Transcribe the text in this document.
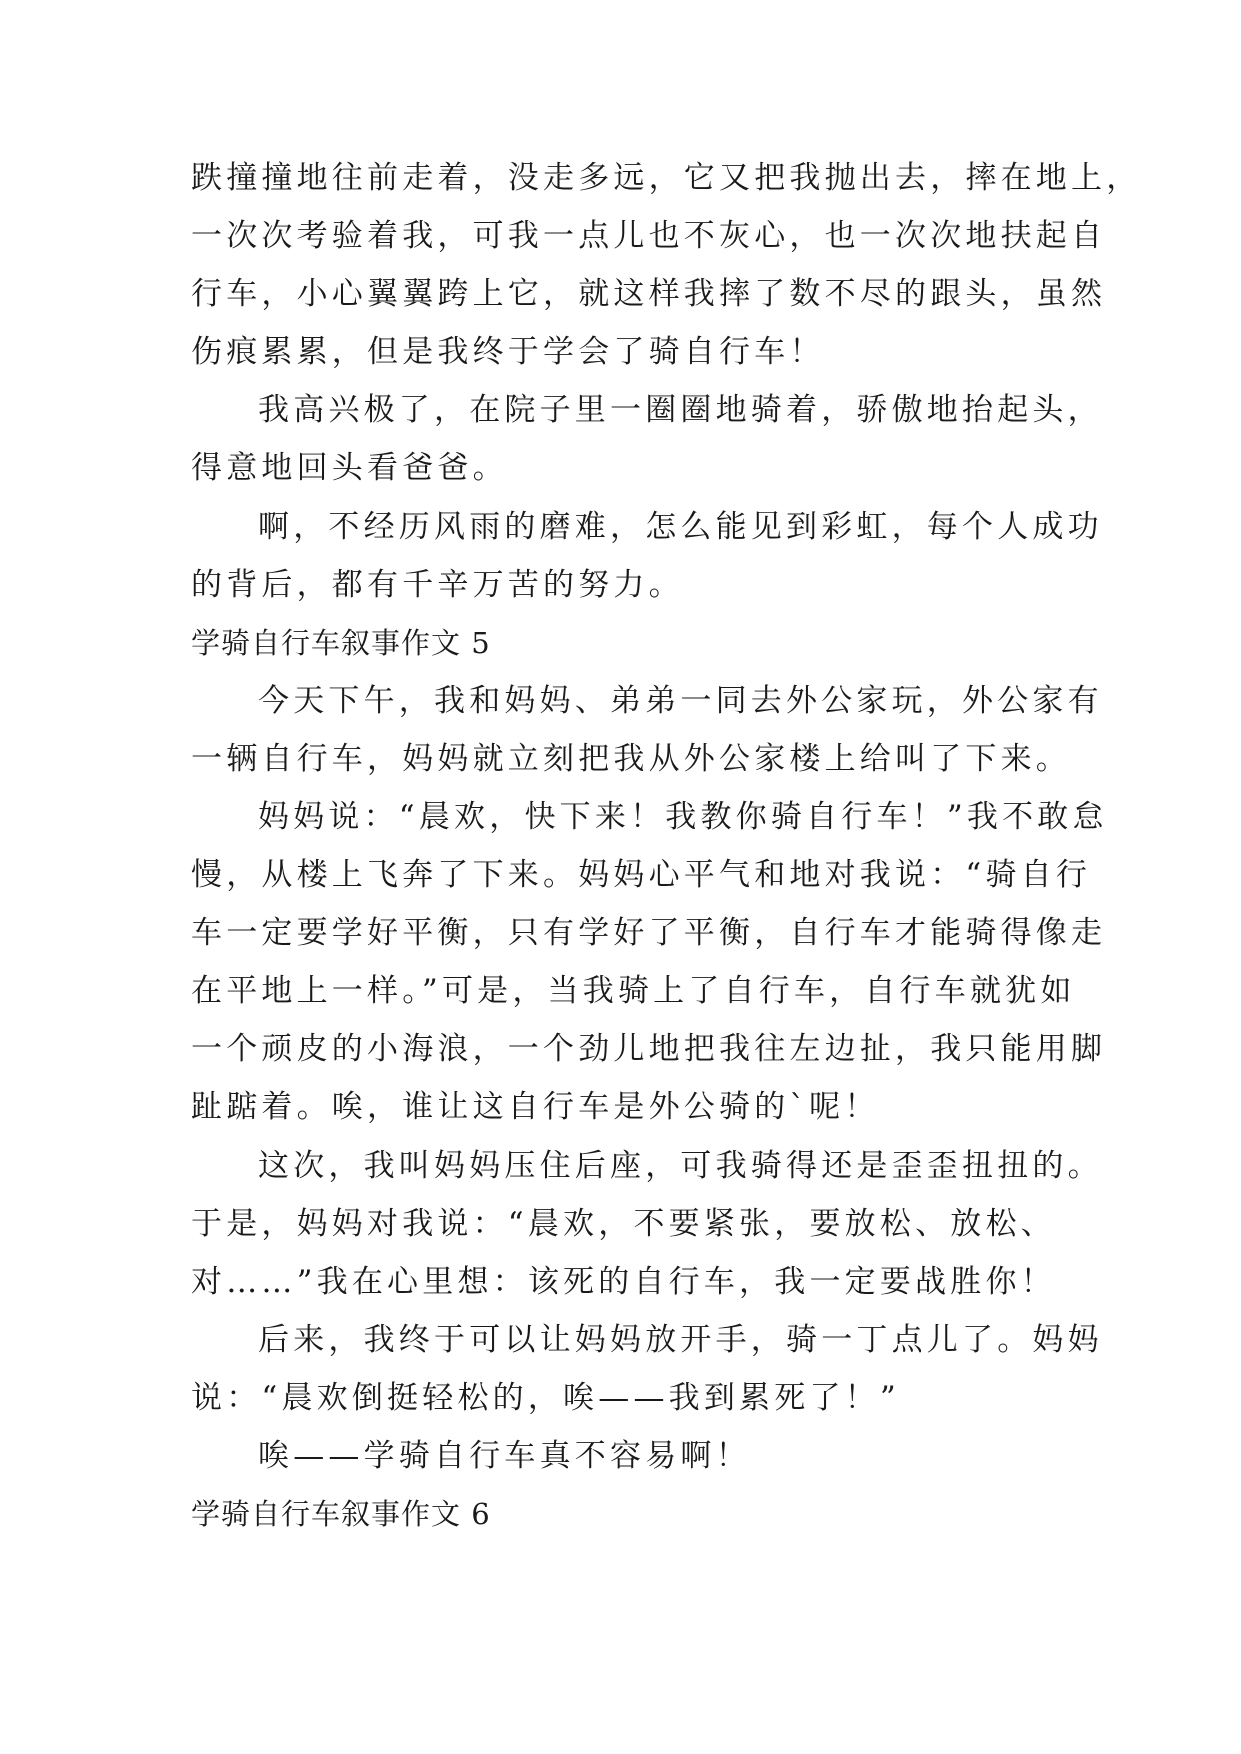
跌撞撞地往前走着，没走多远，它又把我抛出去，摔在地上，
一次次考验着我，可我一点儿也不灰心，也一次次地扶起自
行车，小心翼翼跨上它，就这样我摔了数不尽的跟头，虽然
伤痕累累，但是我终于学会了骑自行车！
我高兴极了，在院子里一圈圈地骑着，骄傲地抬起头，
得意地回头看爸爸。
啊，不经历风雨的磨难，怎么能见到彩虹，每个人成功
的背后，都有千辛万苦的努力。
学骑自行车叙事作文 5
今天下午，我和妈妈、弟弟一同去外公家玩，外公家有
一辆自行车，妈妈就立刻把我从外公家楼上给叫了下来。
妈妈说：“晨欢，快下来！我教你骑自行车！”我不敢怠
慢，从楼上飞奔了下来。妈妈心平气和地对我说：“骑自行
车一定要学好平衡，只有学好了平衡，自行车才能骑得像走
在平地上一样。”可是，当我骑上了自行车，自行车就犹如
一个顽皮的小海浪，一个劲儿地把我往左边扯，我只能用脚
趾踮着。唉，谁让这自行车是外公骑的`呢！
这次，我叫妈妈压住后座，可我骑得还是歪歪扭扭的。
于是，妈妈对我说：“晨欢，不要紧张，要放松、放松、
对……”我在心里想：该死的自行车，我一定要战胜你！
后来，我终于可以让妈妈放开手，骑一丁点儿了。妈妈
说：“晨欢倒挺轻松的，唉——我到累死了！”
唉——学骑自行车真不容易啊！
学骑自行车叙事作文 6
